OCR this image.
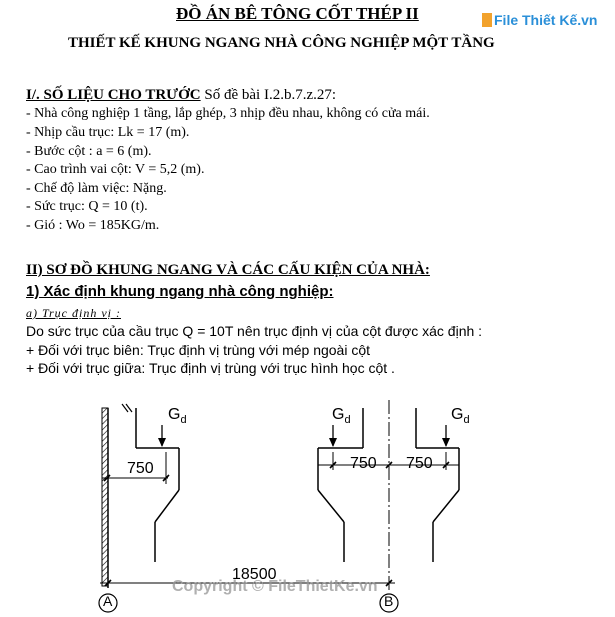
ĐỒ ÁN BÊ TÔNG CỐT THÉP II
THIẾT KẾ KHUNG NGANG NHÀ CÔNG NGHIỆP MỘT TẦNG
File Thiết Kế.vn
I/. SỐ LIỆU CHO TRƯỚC Số đề bài I.2.b.7.z.27:
- Nhà công nghiệp 1 tầng, lắp ghép, 3 nhịp đều nhau, không có cửa mái.
- Nhịp cầu trục: Lk = 17 (m).
- Bước cột : a = 6 (m).
- Cao trình vai cột: V = 5,2 (m).
- Chế độ làm việc: Nặng.
- Sức trục: Q = 10 (t).
- Gió : Wo = 185KG/m.
II) SƠ ĐỒ KHUNG NGANG VÀ CÁC CẤU KIỆN CỦA NHÀ:
1) Xác định khung ngang nhà công nghiệp:
a) Trục định vị :
Do sức trục của cầu trục Q = 10T nên trục định vị của cột được xác định :
+ Đối với trục biên: Trục định vị trùng với mép ngoài cột
+ Đối với trục giữa: Trục định vị trùng với trục hình học cột .
$G_d$	$G_d$	$G_d$
750	750 750
18500
A	B
Copyright © FileThietKe.vn
